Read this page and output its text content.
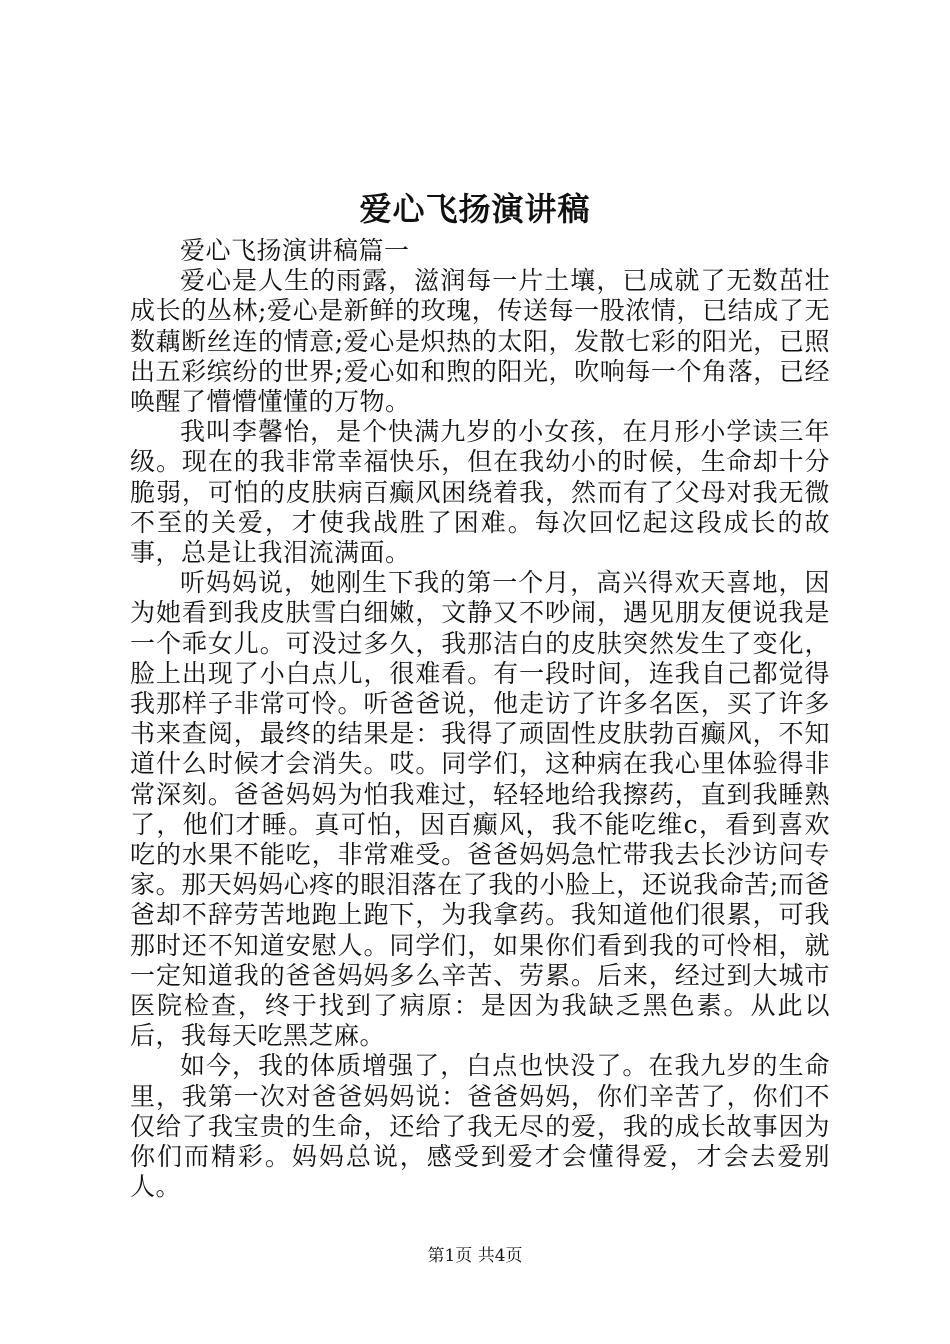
爱心飞扬演讲稿

爱心飞扬演讲稿篇一

爱心是人生的雨露，滋润每一片土壤，已成就了无数茁壮成长的丛林;爱心是新鲜的玫瑰，传送每一股浓情，已结成了无数藕断丝连的情意;爱心是炽热的太阳，发散七彩的阳光，已照出五彩缤纷的世界;爱心如和煦的阳光，吹响每一个角落，已经唤醒了懵懵懂懂的万物。

我叫李馨怡，是个快满九岁的小女孩，在月形小学读三年级。现在的我非常幸福快乐，但在我幼小的时候，生命却十分脆弱，可怕的皮肤病百癫风困绕着我，然而有了父母对我无微不至的关爱，才使我战胜了困难。每次回忆起这段成长的故事，总是让我泪流满面。

听妈妈说，她刚生下我的第一个月，高兴得欢天喜地，因为她看到我皮肤雪白细嫩，文静又不吵闹，遇见朋友便说我是一个乖女儿。可没过多久，我那洁白的皮肤突然发生了变化，脸上出现了小白点儿，很难看。有一段时间，连我自己都觉得我那样子非常可怜。听爸爸说，他走访了许多名医，买了许多书来查阅，最终的结果是：我得了顽固性皮肤勃百癫风，不知道什么时候才会消失。哎。同学们，这种病在我心里体验得非常深刻。爸爸妈妈为怕我难过，轻轻地给我擦药，直到我睡熟了，他们才睡。真可怕，因百癫风，我不能吃维c，看到喜欢吃的水果不能吃，非常难受。爸爸妈妈急忙带我去长沙访问专家。那天妈妈心疼的眼泪落在了我的小脸上，还说我命苦;而爸爸却不辞劳苦地跑上跑下，为我拿药。我知道他们很累，可我那时还不知道安慰人。同学们，如果你们看到我的可怜相，就一定知道我的爸爸妈妈多么辛苦、劳累。后来，经过到大城市医院检查，终于找到了病原：是因为我缺乏黑色素。从此以后，我每天吃黑芝麻。

如今，我的体质增强了，白点也快没了。在我九岁的生命里，我第一次对爸爸妈妈说：爸爸妈妈，你们辛苦了，你们不仅给了我宝贵的生命，还给了我无尽的爱，我的成长故事因为你们而精彩。妈妈总说，感受到爱才会懂得爱，才会去爱别人。

第1页 共4页
